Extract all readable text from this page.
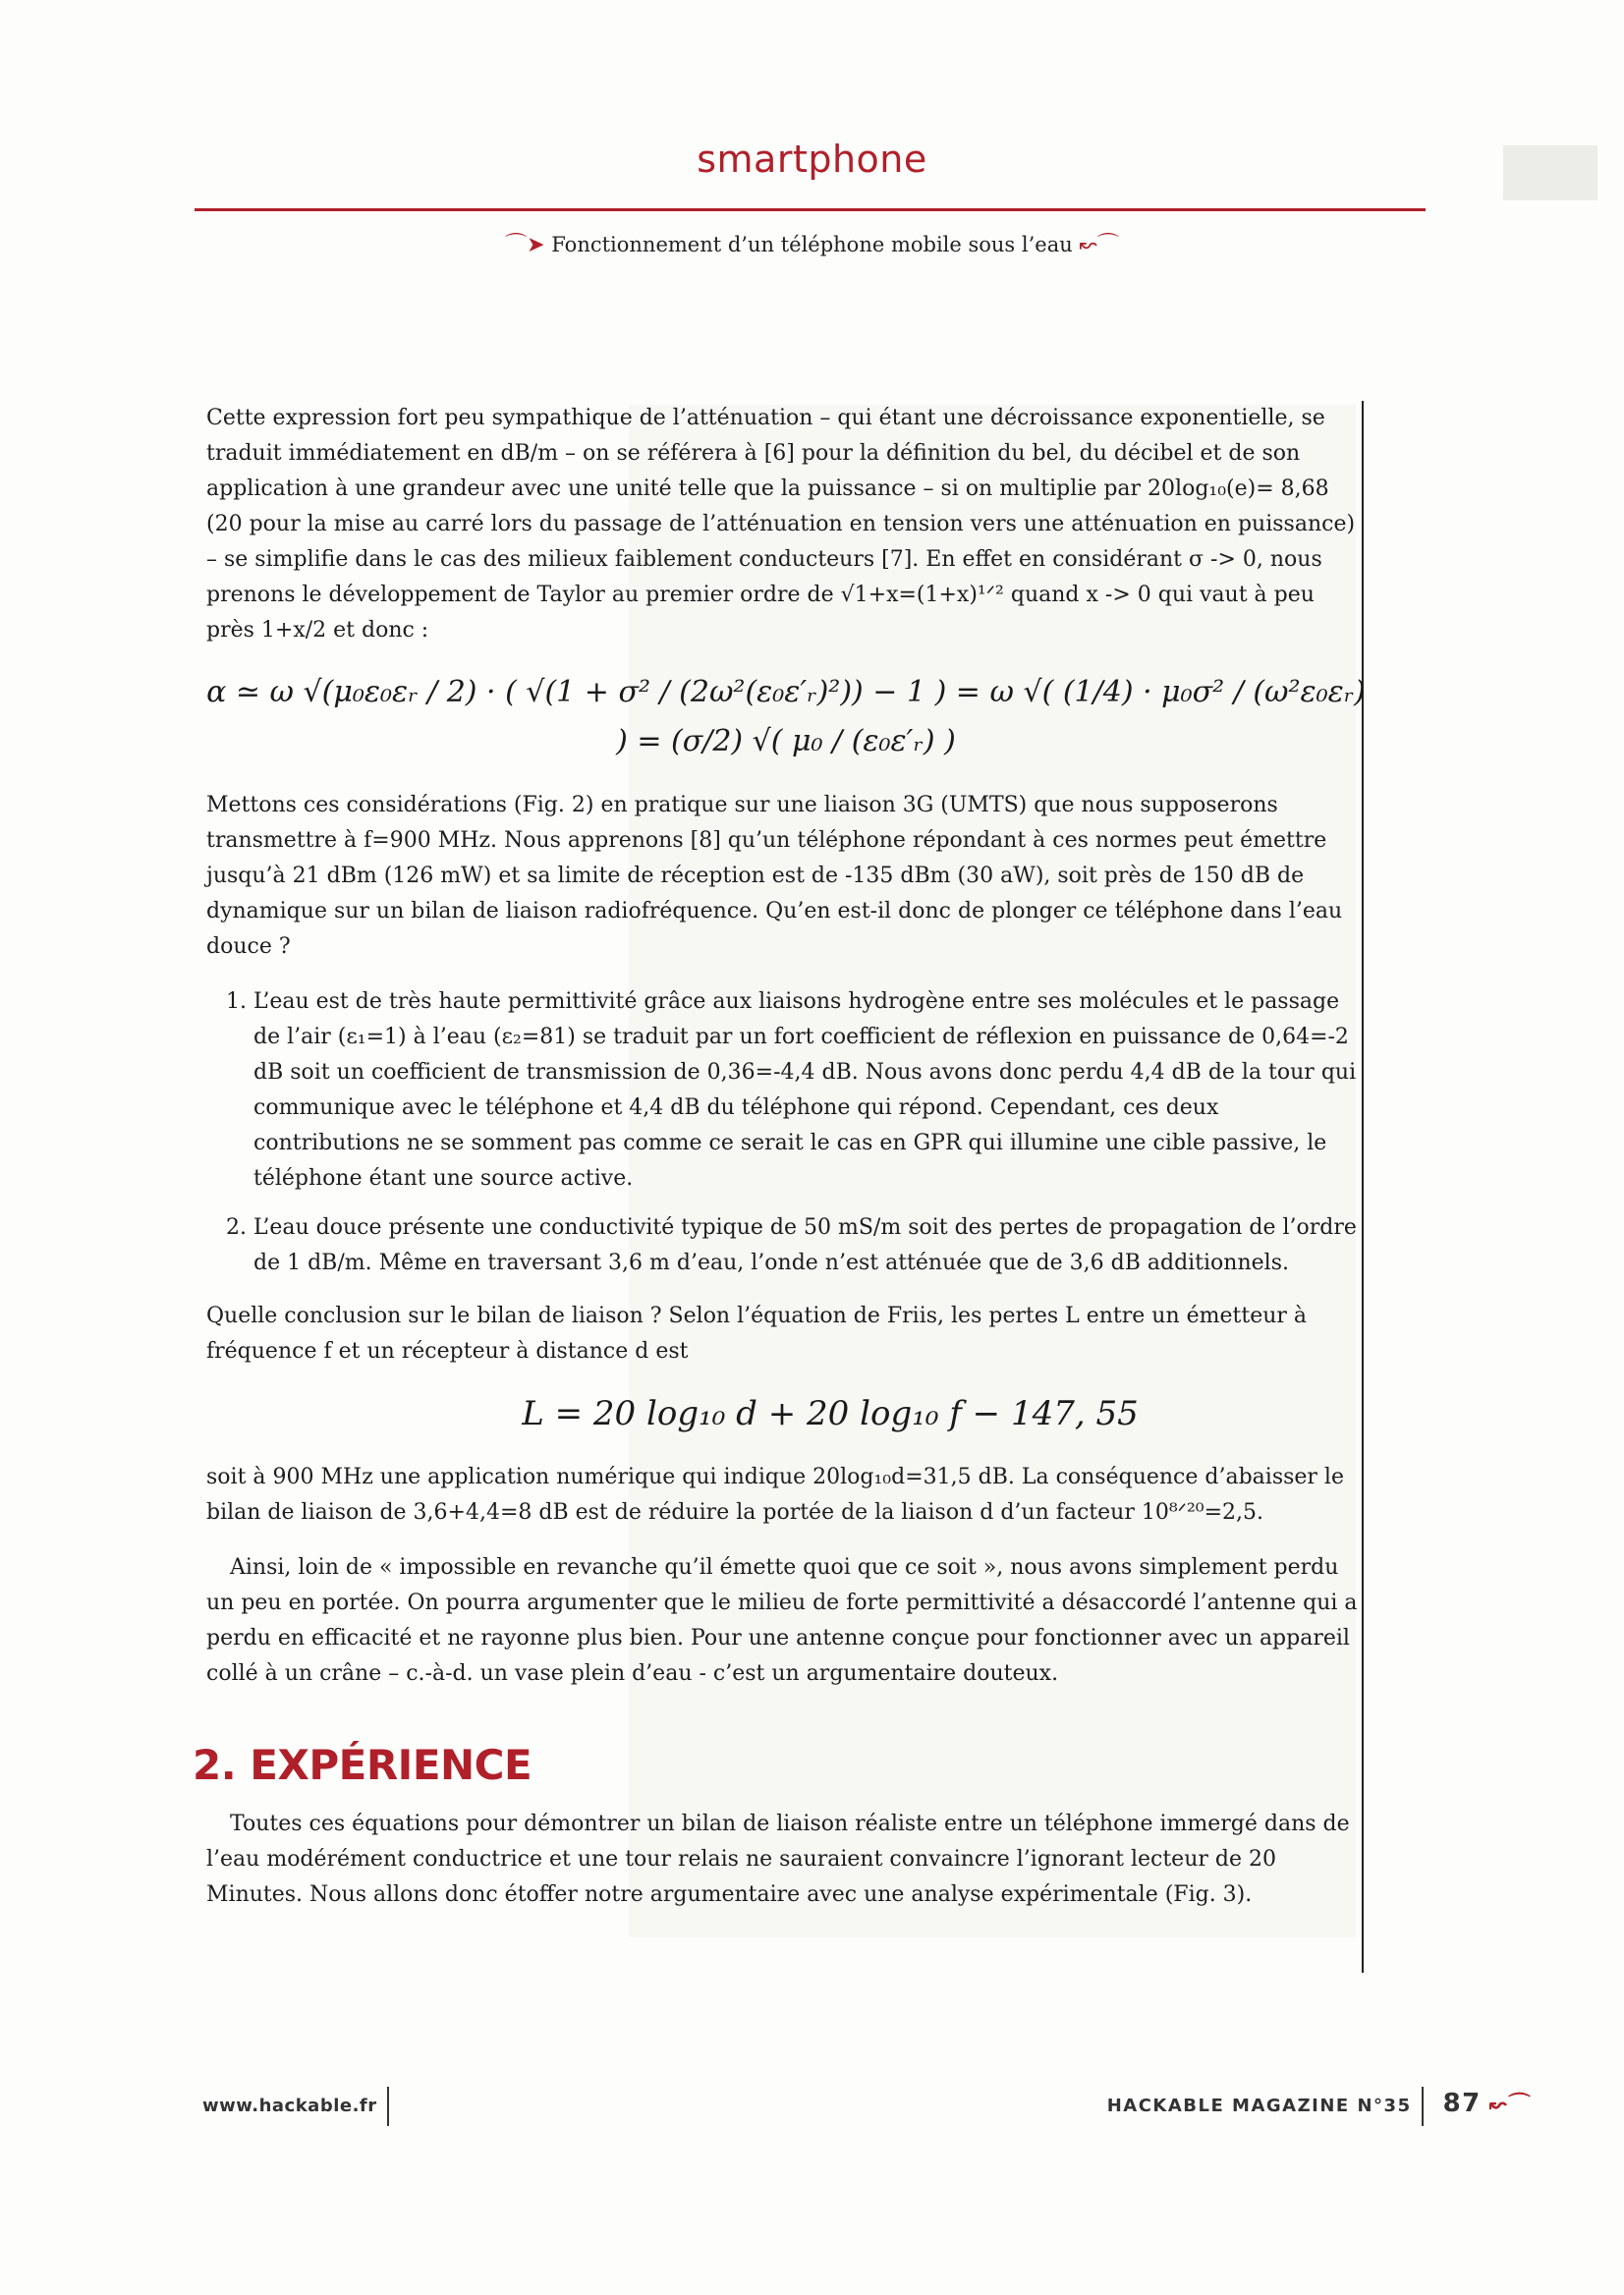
smartphone
⌒➤ Fonctionnement d’un téléphone mobile sous l’eau ↜⌒

Cette expression fort peu sympathique de l’atténuation – qui étant une décroissance exponentielle, se traduit immédiatement en dB/m – on se référera à [6] pour la définition du bel, du décibel et de son application à une grandeur avec une unité telle que la puissance – si on multiplie par 20log₁₀(e)= 8,68 (20 pour la mise au carré lors du passage de l’atténuation en tension vers une atténuation en puissance) – se simplifie dans le cas des milieux faiblement conducteurs [7]. En effet en considérant σ -> 0, nous prenons le développement de Taylor au premier ordre de √1+x=(1+x)¹ᐟ² quand x -> 0 qui vaut à peu près 1+x/2 et donc :

α ≃ ω √(μ₀ε₀εᵣ / 2) · ( √(1 + σ² / (2ω²(ε₀ε′ᵣ)²)) − 1 ) = ω √( (1/4) · μ₀σ² / (ω²ε₀εᵣ) ) = (σ/2) √( μ₀ / (ε₀ε′ᵣ) )

Mettons ces considérations (Fig. 2) en pratique sur une liaison 3G (UMTS) que nous supposerons transmettre à f=900 MHz. Nous apprenons [8] qu’un téléphone répondant à ces normes peut émettre jusqu’à 21 dBm (126 mW) et sa limite de réception est de -135 dBm (30 aW), soit près de 150 dB de dynamique sur un bilan de liaison radiofréquence. Qu’en est-il donc de plonger ce téléphone dans l’eau douce ?

1. L’eau est de très haute permittivité grâce aux liaisons hydrogène entre ses molécules et le passage de l’air (ε₁=1) à l’eau (ε₂=81) se traduit par un fort coefficient de réflexion en puissance de 0,64=-2 dB soit un coefficient de transmission de 0,36=-4,4 dB. Nous avons donc perdu 4,4 dB de la tour qui communique avec le téléphone et 4,4 dB du téléphone qui répond. Cependant, ces deux contributions ne se somment pas comme ce serait le cas en GPR qui illumine une cible passive, le téléphone étant une source active.
2. L’eau douce présente une conductivité typique de 50 mS/m soit des pertes de propagation de l’ordre de 1 dB/m. Même en traversant 3,6 m d’eau, l’onde n’est atténuée que de 3,6 dB additionnels.

Quelle conclusion sur le bilan de liaison ? Selon l’équation de Friis, les pertes L entre un émetteur à fréquence f et un récepteur à distance d est

L = 20 log₁₀ d + 20 log₁₀ f − 147, 55

soit à 900 MHz une application numérique qui indique 20log₁₀d=31,5 dB. La conséquence d’abaisser le bilan de liaison de 3,6+4,4=8 dB est de réduire la portée de la liaison d d’un facteur 10⁸ᐟ²⁰=2,5.

Ainsi, loin de « impossible en revanche qu’il émette quoi que ce soit », nous avons simplement perdu un peu en portée. On pourra argumenter que le milieu de forte permittivité a désaccordé l’antenne qui a perdu en efficacité et ne rayonne plus bien. Pour une antenne conçue pour fonctionner avec un appareil collé à un crâne – c.-à-d. un vase plein d’eau - c’est un argumentaire douteux.

2. EXPÉRIENCE

Toutes ces équations pour démontrer un bilan de liaison réaliste entre un téléphone immergé dans de l’eau modérément conductrice et une tour relais ne sauraient convaincre l’ignorant lecteur de 20 Minutes. Nous allons donc étoffer notre argumentaire avec une analyse expérimentale (Fig. 3).

www.hackable.fr	HACKABLE MAGAZINE N°35 87 ↜⌒
